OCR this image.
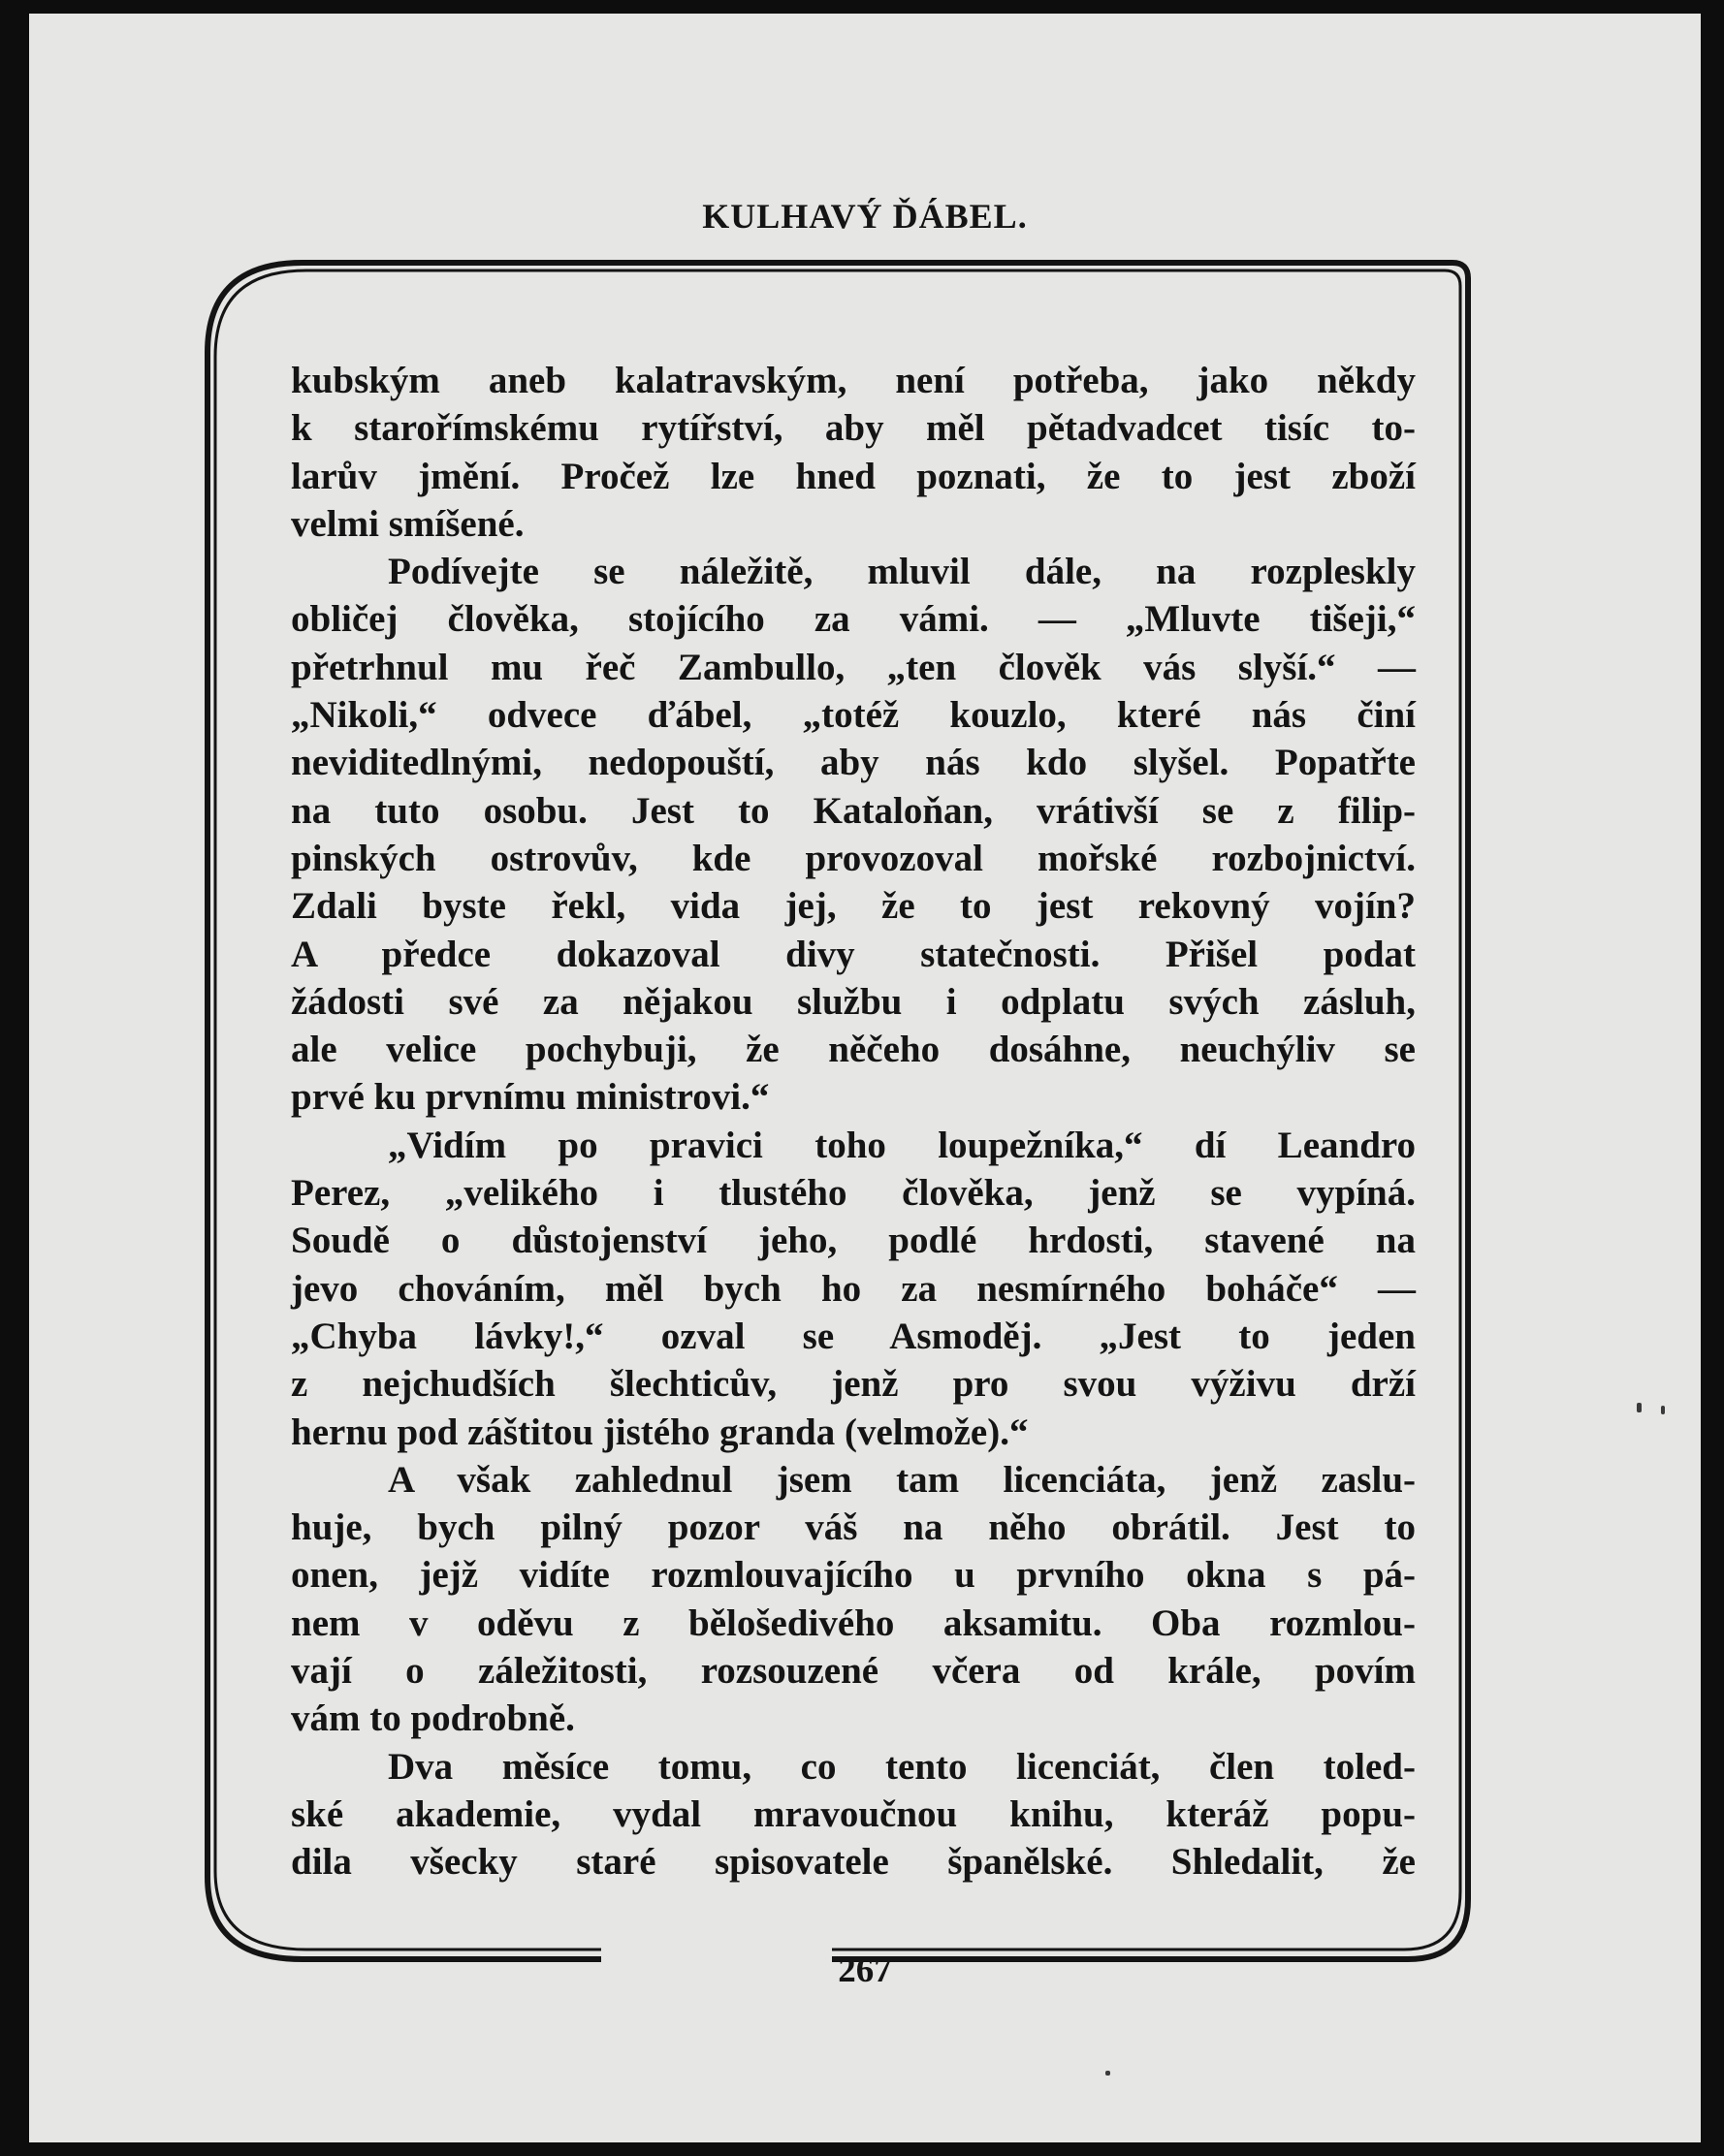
KULHAVÝ ĎÁBEL.
kubským aneb kalatravským, není potřeba, jako někdy
k starořímskému rytířství, aby měl pětadvadcet tisíc to-
larův jmění. Pročež lze hned poznati, že to jest zboží
velmi smíšené.
Podívejte se náležitě, mluvil dále, na rozpleskly
obličej člověka, stojícího za vámi. — „Mluvte tišeji,“
přetrhnul mu řeč Zambullo, „ten člověk vás slyší.“ —
„Nikoli,“ odvece ďábel, „totéž kouzlo, které nás činí
neviditedlnými, nedopouští, aby nás kdo slyšel. Popatřte
na tuto osobu. Jest to Kataloňan, vrátivší se z filip-
pinských ostrovův, kde provozoval mořské rozbojnictví.
Zdali byste řekl, vida jej, že to jest rekovný vojín?
A předce dokazoval divy statečnosti. Přišel podat
žádosti své za nějakou službu i odplatu svých zásluh,
ale velice pochybuji, že něčeho dosáhne, neuchýliv se
prvé ku prvnímu ministrovi.“
„Vidím po pravici toho loupežníka,“ dí Leandro
Perez, „velikého i tlustého člověka, jenž se vypíná.
Soudě o důstojenství jeho, podlé hrdosti, stavené na
jevo chováním, měl bych ho za nesmírného boháče“ —
„Chyba lávky!,“ ozval se Asmoděj. „Jest to jeden
z nejchudších šlechticův, jenž pro svou výživu drží
hernu pod záštitou jistého granda (velmože).“
A však zahlednul jsem tam licenciáta, jenž zaslu-
huje, bych pilný pozor váš na něho obrátil. Jest to
onen, jejž vidíte rozmlouvajícího u prvního okna s pá-
nem v oděvu z bělošedivého aksamitu. Oba rozmlou-
vají o záležitosti, rozsouzené včera od krále, povím
vám to podrobně.
Dva měsíce tomu, co tento licenciát, člen toled-
ské akademie, vydal mravoučnou knihu, kteráž popu-
dila všecky staré spisovatele španělské. Shledalit, že
267
